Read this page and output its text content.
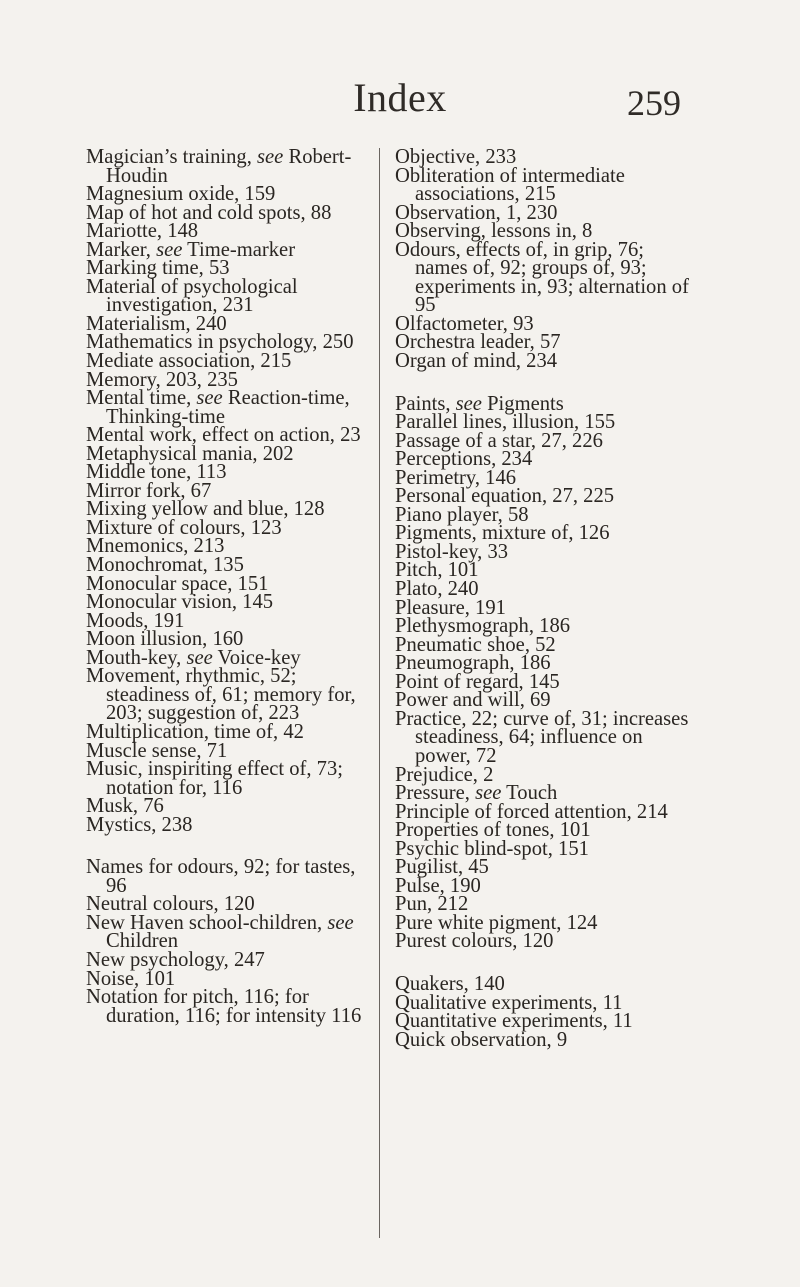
Index	259

Magician’s training, see Robert-Houdin

Magnesium oxide, 159

Map of hot and cold spots, 88

Mariotte, 148

Marker, see Time-marker

Marking time, 53

Material of psychological investigation, 231

Materialism, 240

Mathematics in psychology, 250

Mediate association, 215

Memory, 203, 235

Mental time, see Reaction-time, Thinking-time

Mental work, effect on action, 23

Metaphysical mania, 202

Middle tone, 113

Mirror fork, 67

Mixing yellow and blue, 128

Mixture of colours, 123

Mnemonics, 213

Monochromat, 135

Monocular space, 151

Monocular vision, 145

Moods, 191

Moon illusion, 160

Mouth-key, see Voice-key

Movement, rhythmic, 52; steadiness of, 61; memory for, 203; suggestion of, 223

Multiplication, time of, 42

Muscle sense, 71

Music, inspiriting effect of, 73; notation for, 116

Musk, 76

Mystics, 238

Names for odours, 92; for tastes, 96

Neutral colours, 120

New Haven school-children, see Children

New psychology, 247

Noise, 101

Notation for pitch, 116; for duration, 116; for intensity 116

Objective, 233

Obliteration of intermediate associations, 215

Observation, 1, 230

Observing, lessons in, 8

Odours, effects of, in grip, 76; names of, 92; groups of, 93; experiments in, 93; alternation of 95

Olfactometer, 93

Orchestra leader, 57

Organ of mind, 234

Paints, see Pigments

Parallel lines, illusion, 155

Passage of a star, 27, 226

Perceptions, 234

Perimetry, 146

Personal equation, 27, 225

Piano player, 58

Pigments, mixture of, 126

Pistol-key, 33

Pitch, 101

Plato, 240

Pleasure, 191

Plethysmograph, 186

Pneumatic shoe, 52

Pneumograph, 186

Point of regard, 145

Power and will, 69

Practice, 22; curve of, 31; increases steadiness, 64; influence on power, 72

Prejudice, 2

Pressure, see Touch

Principle of forced attention, 214

Properties of tones, 101

Psychic blind-spot, 151

Pugilist, 45

Pulse, 190

Pun, 212

Pure white pigment, 124

Purest colours, 120

Quakers, 140

Qualitative experiments, 11

Quantitative experiments, 11

Quick observation, 9
